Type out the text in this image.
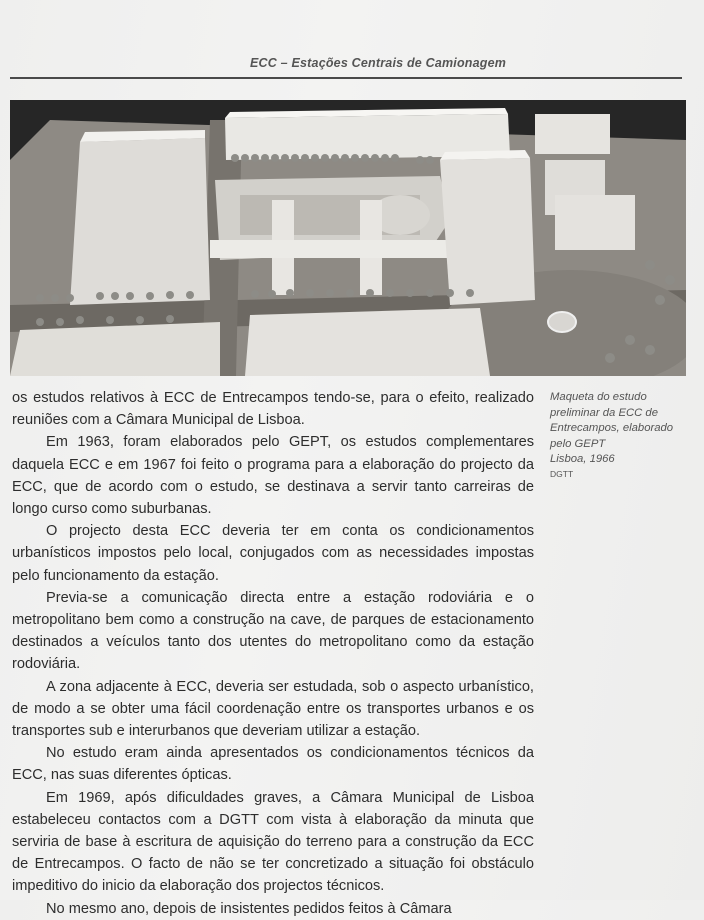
ECC – Estações Centrais de Camionagem
Maqueta do estudo
preliminar da ECC de
Entrecampos, elaborado
pelo GEPT
Lisboa, 1966
DGTT

os estudos relativos à ECC de Entrecampos tendo-se, para o efeito, realizado reuniões com a Câmara Municipal de Lisboa.

Em 1963, foram elaborados pelo GEPT, os estudos complementares daquela ECC e em 1967 foi feito o programa para a elaboração do projecto da ECC, que de acordo com o estudo, se destinava a servir tanto carreiras de longo curso como suburbanas.

O projecto desta ECC deveria ter em conta os condicionamentos urbanísticos impostos pelo local, conjugados com as necessidades impostas pelo funcionamento da estação.

Previa-se a comunicação directa entre a estação rodoviária e o metropolitano bem como a construção na cave, de parques de estacionamento destinados a veículos tanto dos utentes do metropolitano como da estação rodoviária.

A zona adjacente à ECC, deveria ser estudada, sob o aspecto urbanístico, de modo a se obter uma fácil coordenação entre os transportes urbanos e os transportes sub e interurbanos que deveriam utilizar a estação.

No estudo eram ainda apresentados os condicionamentos técnicos da ECC, nas suas diferentes ópticas.

Em 1969, após dificuldades graves, a Câmara Municipal de Lisboa estabeleceu contactos com a DGTT com vista à elaboração da minuta que serviria de base à escritura de aquisição do terreno para a construção da ECC de Entrecampos. O facto de não se ter concretizado a situação foi obstáculo impeditivo do inicio da elaboração dos projectos técnicos.

No mesmo ano, depois de insistentes pedidos feitos à Câmara
